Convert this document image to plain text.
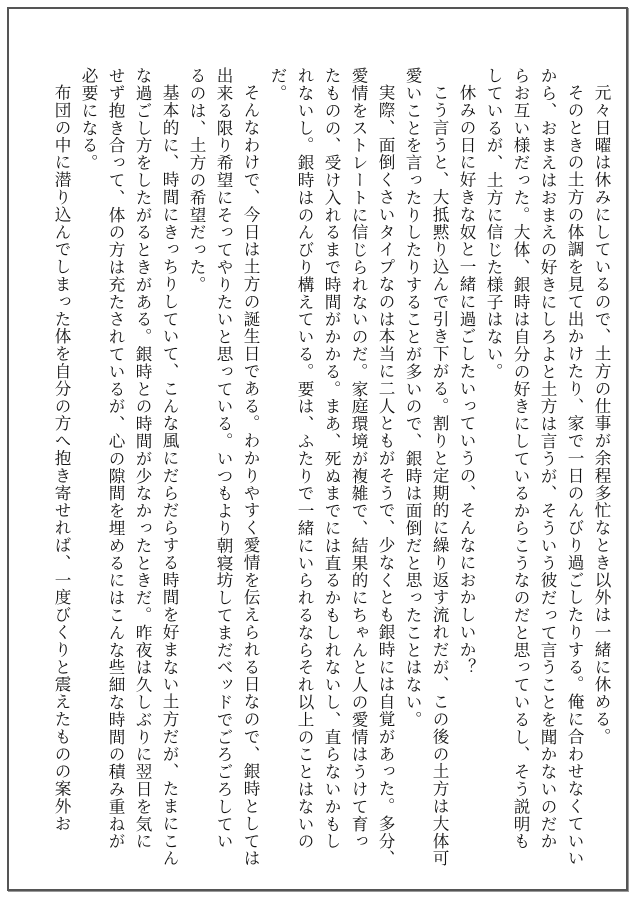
元々日曜は休みにしているので、土方の仕事が余程多忙なとき以外は一緒に休める。

そのときの土方の体調を見て出かけたり、家で一日のんびり過ごしたりする。俺に合わせなくていいから、おまえはおまえの好きにしろよと土方は言うが、そういう彼だって言うことを聞かないのだからお互い様だった。大体、銀時は自分の好きにしているからこうなのだと思っているし、そう説明もしているが、土方に信じた様子はない。

休みの日に好きな奴と一緒に過ごしたいっていうの、そんなにおかしいか？

こう言うと、大抵黙り込んで引き下がる。割りと定期的に繰り返す流れだが、この後の土方は大体可愛いことを言ったりしたりすることが多いので、銀時は面倒だと思ったことはない。

実際、面倒くさいタイプなのは本当に二人ともがそうで、少なくとも銀時には自覚があった。多分、愛情をストレートに信じられないのだ。家庭環境が複雑で、結果的にちゃんと人の愛情はうけて育ったものの、受け入れるまで時間がかかる。まあ、死ぬまでには直るかもしれないし、直らないかもしれないし。銀時はのんびり構えている。要は、ふたりで一緒にいられるならそれ以上のことはないのだ。

そんなわけで、今日は土方の誕生日である。わかりやすく愛情を伝えられる日なので、銀時としては出来る限り希望にそってやりたいと思っている。いつもより朝寝坊してまだベッドでごろごろしているのは、土方の希望だった。

基本的に、時間にきっちりしていて、こんな風にだらだらする時間を好まない土方だが、たまにこんな過ごし方をしたがるときがある。銀時との時間が少なかったときだ。昨夜は久しぶりに翌日を気にせず抱き合って、体の方は充たされているが、心の隙間を埋めるにはこんな些細な時間の積み重ねが必要になる。

布団の中に潜り込んでしまった体を自分の方へ抱き寄せれば、一度びくりと震えたものの案外お
